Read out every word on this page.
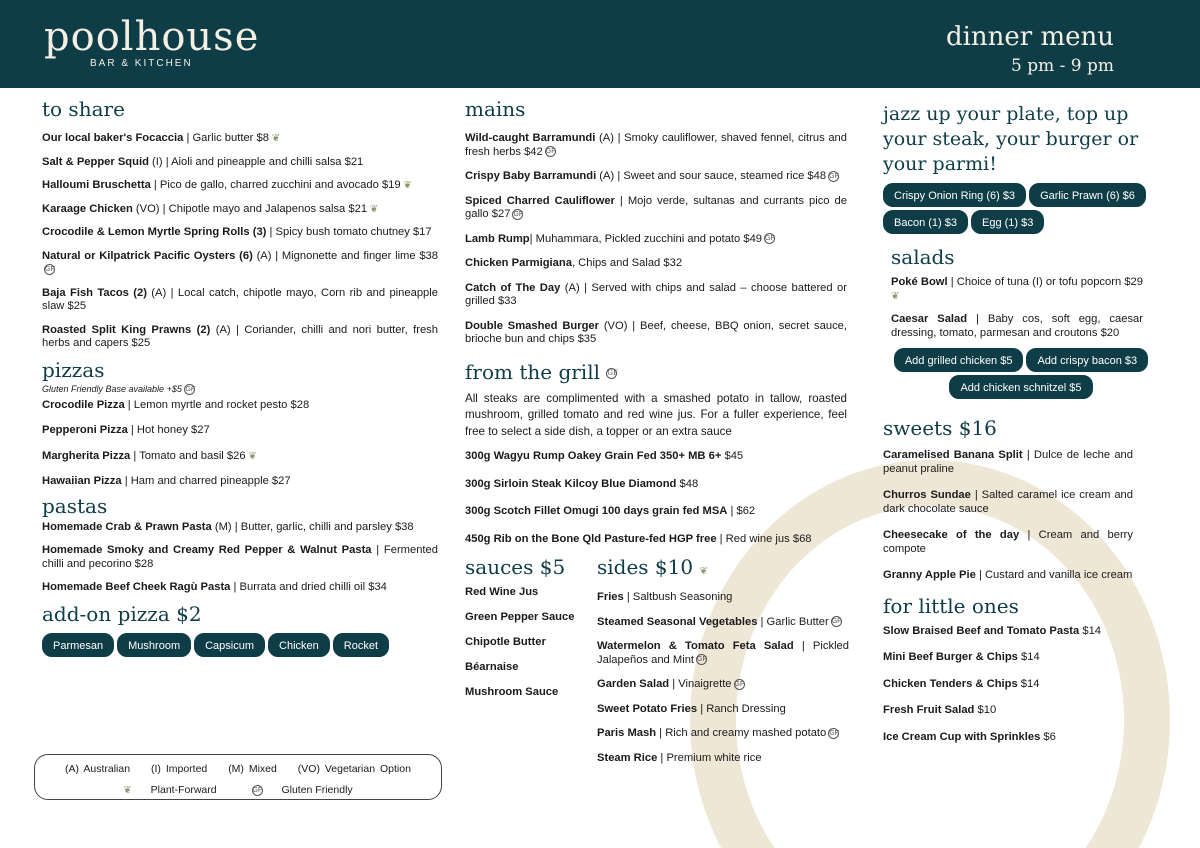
poolhouse
BAR & KITCHEN
dinner menu
5 pm - 9 pm
to share
Our local baker's Focaccia | Garlic butter $8 ❦
Salt & Pepper Squid (I) | Aioli and pineapple and chilli salsa $21
Halloumi Bruschetta | Pico de gallo, charred zucchini and avocado $19 ❦
Karaage Chicken (VO) | Chipotle mayo and Jalapenos salsa $21 ❦
Crocodile & Lemon Myrtle Spring Rolls (3) | Spicy bush tomato chutney $17
Natural or Kilpatrick Pacific Oysters (6) (A) | Mignonette and finger lime $38GF
Baja Fish Tacos (2) (A) | Local catch, chipotle mayo, Corn rib and pineapple slaw $25
Roasted Split King Prawns (2) (A) | Coriander, chilli and nori butter, fresh herbs and capers $25
pizzas
Gluten Friendly Base available +$5 GF
Crocodile Pizza | Lemon myrtle and rocket pesto $28
Pepperoni Pizza | Hot honey $27
Margherita Pizza | Tomato and basil $26 ❦
Hawaiian Pizza | Ham and charred pineapple $27
pastas
Homemade Crab & Prawn Pasta (M) | Butter, garlic, chilli and parsley $38
Homemade Smoky and Creamy Red Pepper & Walnut Pasta | Fermented chilli and pecorino $28
Homemade Beef Cheek Ragù Pasta | Burrata and dried chilli oil $34
add-on pizza $2
Parmesan	Mushroom	Capsicum	Chicken	Rocket
(A) Australian (I) Imported (M) Mixed (VO) Vegetarian Option
❦ Plant-Forward	GF Gluten Friendly
mains
Wild-caught Barramundi (A) | Smoky cauliflower, shaved fennel, citrus and fresh herbs $42 GF
Crispy Baby Barramundi (A) | Sweet and sour sauce, steamed rice $48 GF
Spiced Charred Cauliflower | Mojo verde, sultanas and currants pico de gallo $27 GF
Lamb Rump| Muhammara, Pickled zucchini and potato $49 GF
Chicken Parmigiana, Chips and Salad $32
Catch of The Day (A) | Served with chips and salad – choose battered or grilled $33
Double Smashed Burger (VO) | Beef, cheese, BBQ onion, secret sauce, brioche bun and chips $35
from the grill GF
All steaks are complimented with a smashed potato in tallow, roasted mushroom, grilled tomato and red wine jus. For a fuller experience, feel free to select a side dish, a topper or an extra sauce
300g Wagyu Rump Oakey Grain Fed 350+ MB 6+ $45
300g Sirloin Steak Kilcoy Blue Diamond $48
300g Scotch Fillet Omugi 100 days grain fed MSA | $62
450g Rib on the Bone Qld Pasture-fed HGP free | Red wine jus $68
sauces $5
Red Wine Jus
Green Pepper Sauce
Chipotle Butter
Béarnaise
Mushroom Sauce
sides $10 ❦
Fries | Saltbush Seasoning
Steamed Seasonal Vegetables | Garlic Butter GF
Watermelon & Tomato Feta Salad | Pickled Jalapeños and Mint GF
Garden Salad | Vinaigrette GF
Sweet Potato Fries | Ranch Dressing
Paris Mash | Rich and creamy mashed potato GF
Steam Rice | Premium white rice
jazz up your plate, top up your steak, your burger or your parmi!
Crispy Onion Ring (6) $3	Garlic Prawn (6) $6
Bacon (1) $3	Egg (1) $3
salads
Poké Bowl | Choice of tuna (I) or tofu popcorn $29 ❦
Caesar Salad | Baby cos, soft egg, caesar dressing, tomato, parmesan and croutons $20
Add grilled chicken $5	Add crispy bacon $3
Add chicken schnitzel $5
sweets $16
Caramelised Banana Split | Dulce de leche and peanut praline
Churros Sundae | Salted caramel ice cream and dark chocolate sauce
Cheesecake of the day | Cream and berry compote
Granny Apple Pie | Custard and vanilla ice cream
for little ones
Slow Braised Beef and Tomato Pasta $14
Mini Beef Burger & Chips $14
Chicken Tenders & Chips $14
Fresh Fruit Salad $10
Ice Cream Cup with Sprinkles $6
